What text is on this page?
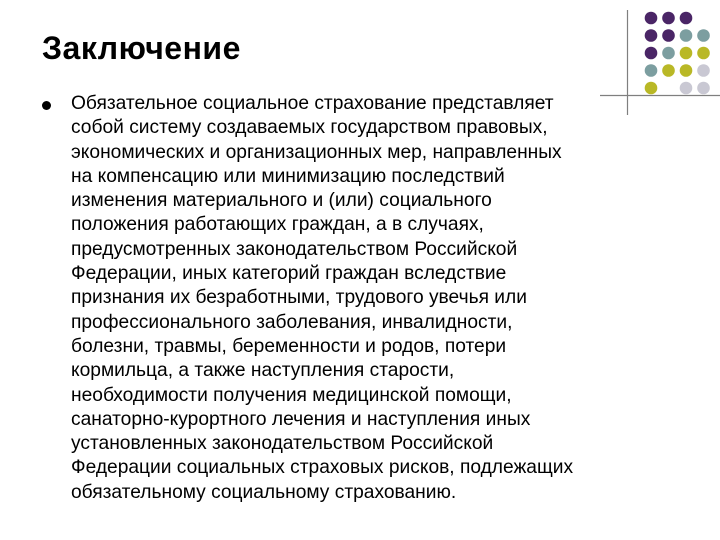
Заключение
Обязательное социальное страхование представляет
собой систему создаваемых государством правовых,
экономических и организационных мер, направленных
на компенсацию или минимизацию последствий
изменения материального и (или) социального
положения работающих граждан, а в случаях,
предусмотренных законодательством Российской
Федерации, иных категорий граждан вследствие
признания их безработными, трудового увечья или
профессионального заболевания, инвалидности,
болезни, травмы, беременности и родов, потери
кормильца, а также наступления старости,
необходимости получения медицинской помощи,
санаторно-курортного лечения и наступления иных
установленных законодательством Российской
Федерации социальных страховых рисков, подлежащих
обязательному социальному страхованию.
